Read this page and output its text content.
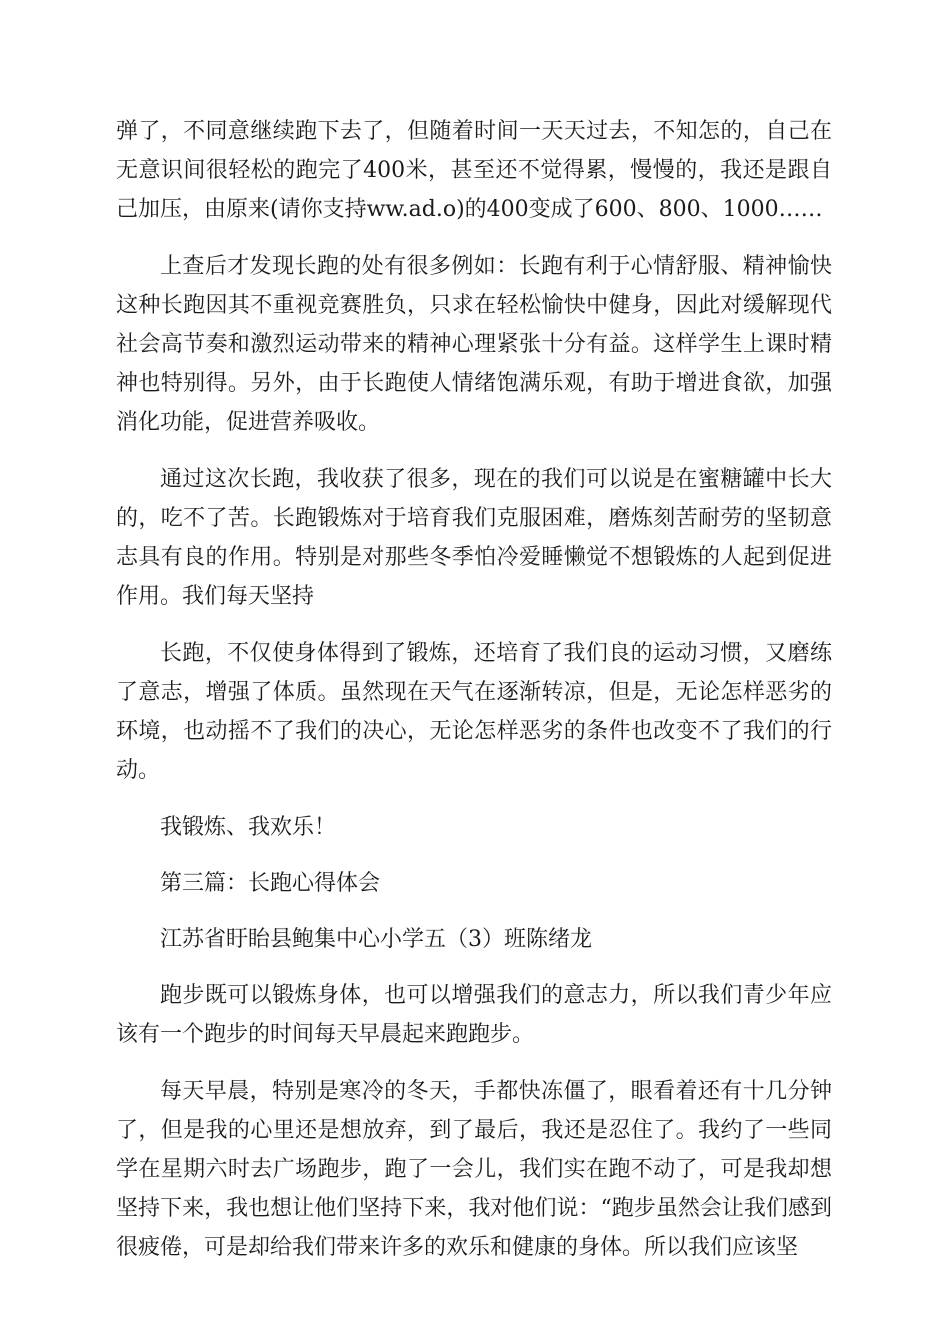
弹了，不同意继续跑下去了，但随着时间一天天过去，不知怎的，自己在无意识间很轻松的跑完了400米，甚至还不觉得累，慢慢的，我还是跟自己加压，由原来(请你支持ww.ad.o)的400变成了600、800、1000……

上查后才发现长跑的处有很多例如：长跑有利于心情舒服、精神愉快这种长跑因其不重视竞赛胜负，只求在轻松愉快中健身，因此对缓解现代社会高节奏和激烈运动带来的精神心理紧张十分有益。这样学生上课时精神也特别得。另外，由于长跑使人情绪饱满乐观，有助于增进食欲，加强消化功能，促进营养吸收。

通过这次长跑，我收获了很多，现在的我们可以说是在蜜糖罐中长大的，吃不了苦。长跑锻炼对于培育我们克服困难，磨炼刻苦耐劳的坚韧意志具有良的作用。特别是对那些冬季怕冷爱睡懒觉不想锻炼的人起到促进作用。我们每天坚持

长跑，不仅使身体得到了锻炼，还培育了我们良的运动习惯，又磨练了意志，增强了体质。虽然现在天气在逐渐转凉，但是，无论怎样恶劣的环境，也动摇不了我们的决心，无论怎样恶劣的条件也改变不了我们的行动。

我锻炼、我欢乐！

第三篇：长跑心得体会

江苏省盱眙县鲍集中心小学五（3）班陈绪龙

跑步既可以锻炼身体，也可以增强我们的意志力，所以我们青少年应该有一个跑步的时间每天早晨起来跑跑步。

每天早晨，特别是寒冷的冬天，手都快冻僵了，眼看着还有十几分钟了，但是我的心里还是想放弃，到了最后，我还是忍住了。我约了一些同学在星期六时去广场跑步，跑了一会儿，我们实在跑不动了，可是我却想坚持下来，我也想让他们坚持下来，我对他们说：“跑步虽然会让我们感到很疲倦，可是却给我们带来许多的欢乐和健康的身体。所以我们应该坚
